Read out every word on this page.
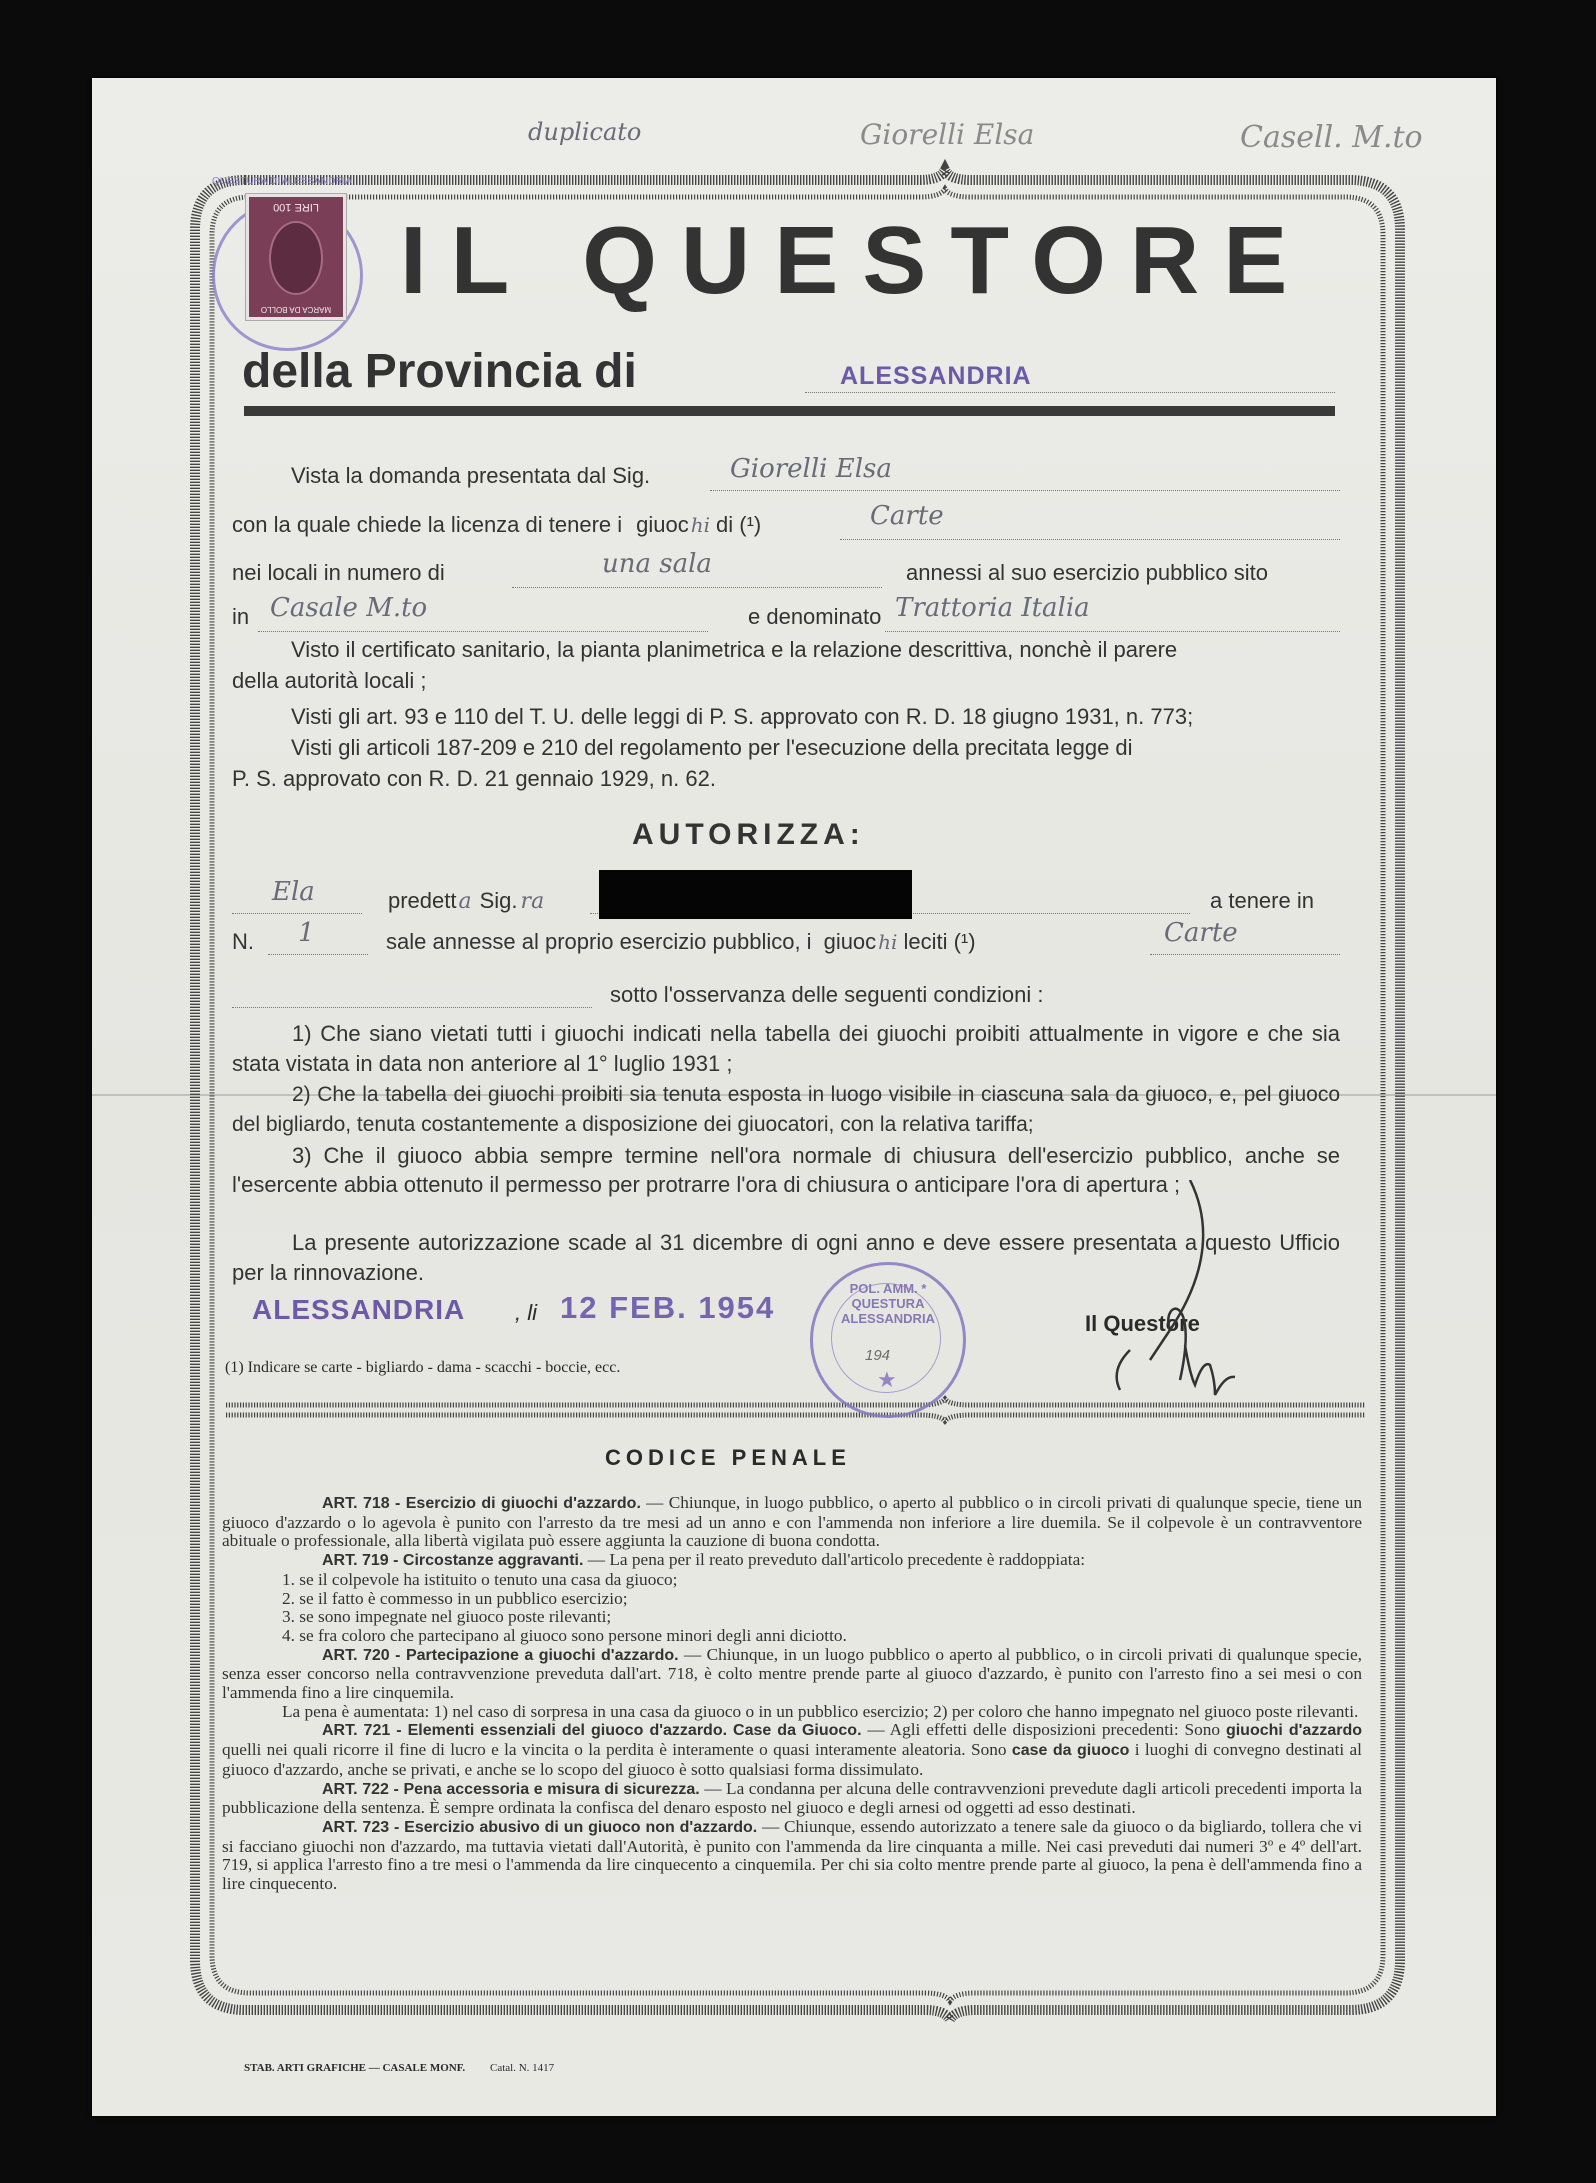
duplicato	Giorelli Elsa	Casell. M.to
QUESTURA DI ALESSANDRIA
LIRE 100
MARCA DA BOLLO IL QUESTORE
della Provincia di	ALESSANDRIA
Vista la domanda presentata dal Sig.	Giorelli Elsa
con la quale chiede la licenza di tenere i giuoc hi di (¹)	Carte
nei locali in numero di	una sala	annessi al suo esercizio pubblico sito
in Casale M.to	e denominato Trattoria Italia
Visto il certificato sanitario, la pianta planimetrica e la relazione descrittiva, nonchè il parere
della autorità locali ;
Visti gli art. 93 e 110 del T. U. delle leggi di P. S. approvato con R. D. 18 giugno 1931, n. 773;
Visti gli articoli 187-209 e 210 del regolamento per l'esecuzione della precitata legge di
P. S. approvato con R. D. 21 gennaio 1929, n. 62.
AUTORIZZA:
Ela	predett a Sig. ra	a tenere in
N. 1	sale annesse al proprio esercizio pubblico, i giuoc hi leciti (¹)	Carte
sotto l'osservanza delle seguenti condizioni :
1) Che siano vietati tutti i giuochi indicati nella tabella dei giuochi proibiti attualmente in vigore e che sia stata vistata in data non anteriore al 1° luglio 1931 ;
2) Che la tabella dei giuochi proibiti sia tenuta esposta in luogo visibile in ciascuna sala da giuoco, e, pel giuoco del bigliardo, tenuta costantemente a disposizione dei giuocatori, con la relativa tariffa;
3) Che il giuoco abbia sempre termine nell'ora normale di chiusura dell'esercizio pubblico, anche se l'esercente abbia ottenuto il permesso per protrarre l'ora di chiusura o anticipare l'ora di apertura ;
La presente autorizzazione scade al 31 dicembre di ogni anno e deve essere presentata a questo Ufficio per la rinnovazione.
ALESSANDRIA , li 12 FEB. 1954
POL. AMM. * QUESTURA ALESSANDRIA
194
★
Il Questore
(1) Indicare se carte - bigliardo - dama - scacchi - boccie, ecc.
CODICE PENALE

ART. 718 - Esercizio di giuochi d'azzardo. — Chiunque, in luogo pubblico, o aperto al pubblico o in circoli privati di qualunque specie, tiene un giuoco d'azzardo o lo agevola è punito con l'arresto da tre mesi ad un anno e con l'ammenda non inferiore a lire duemila. Se il colpevole è un contravventore abituale o professionale, alla libertà vigilata può essere aggiunta la cauzione di buona condotta.

ART. 719 - Circostanze aggravanti. — La pena per il reato preveduto dall'articolo precedente è raddoppiata:

1. se il colpevole ha istituito o tenuto una casa da giuoco;

2. se il fatto è commesso in un pubblico esercizio;

3. se sono impegnate nel giuoco poste rilevanti;

4. se fra coloro che partecipano al giuoco sono persone minori degli anni diciotto.

ART. 720 - Partecipazione a giuochi d'azzardo. — Chiunque, in un luogo pubblico o aperto al pubblico, o in circoli privati di qualunque specie, senza esser concorso nella contravvenzione preveduta dall'art. 718, è colto mentre prende parte al giuoco d'azzardo, è punito con l'arresto fino a sei mesi o con l'ammenda fino a lire cinquemila.

La pena è aumentata: 1) nel caso di sorpresa in una casa da giuoco o in un pubblico esercizio; 2) per coloro che hanno impegnato nel giuoco poste rilevanti.

ART. 721 - Elementi essenziali del giuoco d'azzardo. Case da Giuoco. — Agli effetti delle disposizioni precedenti: Sono giuochi d'azzardo quelli nei quali ricorre il fine di lucro e la vincita o la perdita è interamente o quasi interamente aleatoria. Sono case da giuoco i luoghi di convegno destinati al giuoco d'azzardo, anche se privati, e anche se lo scopo del giuoco è sotto qualsiasi forma dissimulato.

ART. 722 - Pena accessoria e misura di sicurezza. — La condanna per alcuna delle contravvenzioni prevedute dagli articoli precedenti importa la pubblicazione della sentenza. È sempre ordinata la confisca del denaro esposto nel giuoco e degli arnesi od oggetti ad esso destinati.

ART. 723 - Esercizio abusivo di un giuoco non d'azzardo. — Chiunque, essendo autorizzato a tenere sale da giuoco o da bigliardo, tollera che vi si facciano giuochi non d'azzardo, ma tuttavia vietati dall'Autorità, è punito con l'ammenda da lire cinquanta a mille. Nei casi preveduti dai numeri 3º e 4º dell'art. 719, si applica l'arresto fino a tre mesi o l'ammenda da lire cinquecento a cinquemila. Per chi sia colto mentre prende parte al giuoco, la pena è dell'ammenda fino a lire cinquecento.

STAB. ARTI GRAFICHE — CASALE MONF. Catal. N. 1417
